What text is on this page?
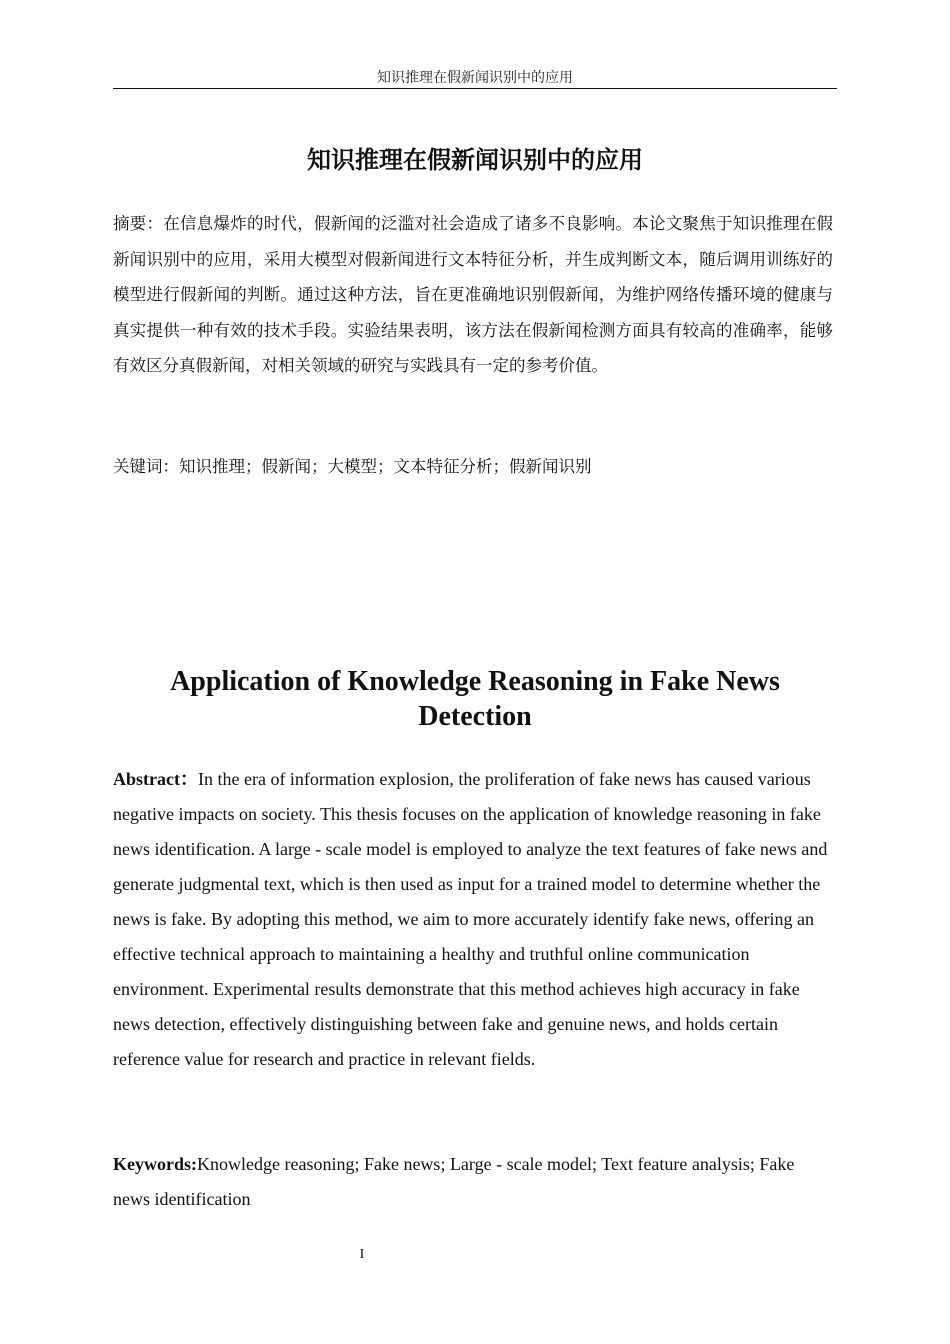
知识推理在假新闻识别中的应用
知识推理在假新闻识别中的应用
摘要：在信息爆炸的时代，假新闻的泛滥对社会造成了诸多不良影响。本论文聚焦于知识推理在假新闻识别中的应用，采用大模型对假新闻进行文本特征分析，并生成判断文本，随后调用训练好的模型进行假新闻的判断。通过这种方法，旨在更准确地识别假新闻，为维护网络传播环境的健康与真实提供一种有效的技术手段。实验结果表明，该方法在假新闻检测方面具有较高的准确率，能够有效区分真假新闻，对相关领域的研究与实践具有一定的参考价值。
关键词：知识推理；假新闻；大模型；文本特征分析；假新闻识别
Application of Knowledge Reasoning in Fake News Detection
Abstract：In the era of information explosion, the proliferation of fake news has caused various negative impacts on society. This thesis focuses on the application of knowledge reasoning in fake news identification. A large - scale model is employed to analyze the text features of fake news and generate judgmental text, which is then used as input for a trained model to determine whether the news is fake. By adopting this method, we aim to more accurately identify fake news, offering an effective technical approach to maintaining a healthy and truthful online communication environment. Experimental results demonstrate that this method achieves high accuracy in fake news detection, effectively distinguishing between fake and genuine news, and holds certain reference value for research and practice in relevant fields.
Keywords:Knowledge reasoning; Fake news; Large - scale model; Text feature analysis; Fake news identification
I
